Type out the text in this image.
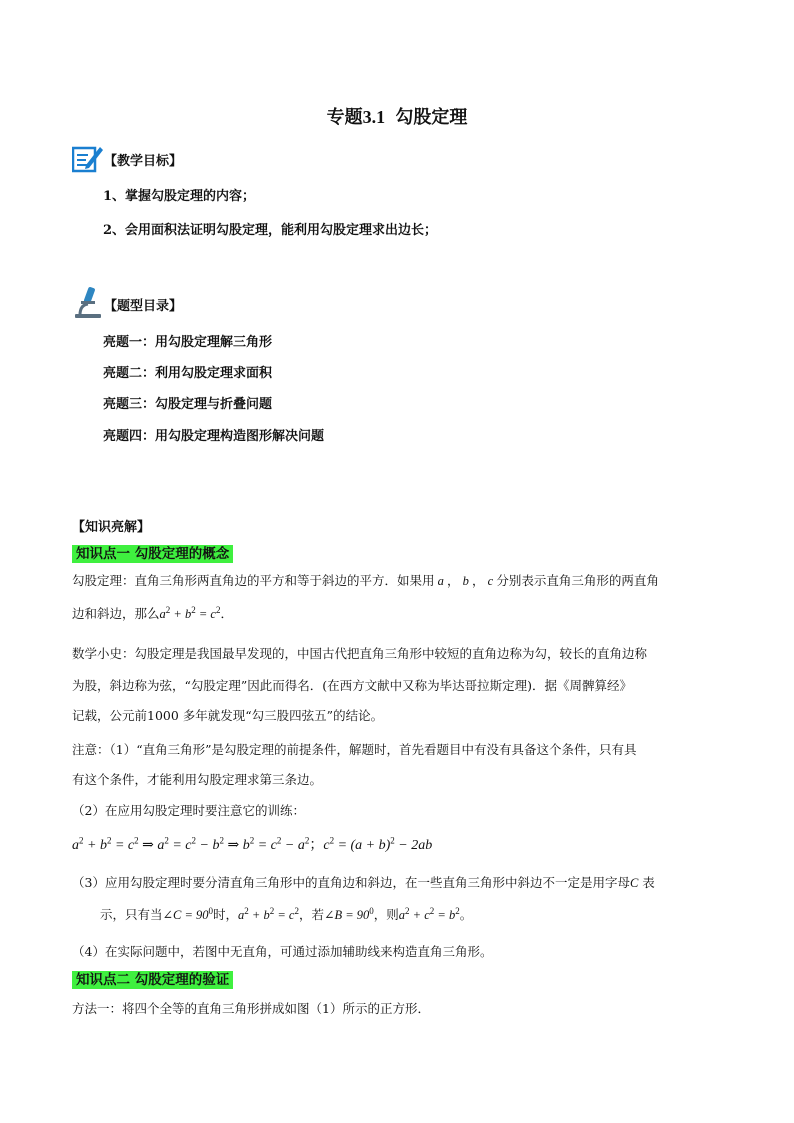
专题3.1 勾股定理
【教学目标】
1、掌握勾股定理的内容；
2、会用面积法证明勾股定理，能利用勾股定理求出边长；
【题型目录】
亮题一：用勾股定理解三角形
亮题二：利用勾股定理求面积
亮题三：勾股定理与折叠问题
亮题四：用勾股定理构造图形解决问题
【知识亮解】
知识点一 勾股定理的概念
勾股定理：直角三角形两直角边的平方和等于斜边的平方．如果用 a ， b ， c 分别表示直角三角形的两直角
边和斜边，那么$a^2 + b^2 = c^2$．
数学小史：勾股定理是我国最早发现的，中国古代把直角三角形中较短的直角边称为勾，较长的直角边称
为股，斜边称为弦，“勾股定理”因此而得名．(在西方文献中又称为毕达哥拉斯定理)．据《周髀算经》
记载，公元前1000 多年就发现“勾三股四弦五”的结论。
注意：（1）“直角三角形”是勾股定理的前提条件，解题时，首先看题目中有没有具备这个条件，只有具
有这个条件，才能利用勾股定理求第三条边。
（2）在应用勾股定理时要注意它的训练：
$a^2 + b^2 = c^2$ ⇒ $a^2 = c^2 - b^2$ ⇒ $b^2 = c^2 - a^2$；$c^2 = (a + b)^2 - 2ab$
（3）应用勾股定理时要分清直角三角形中的直角边和斜边，在一些直角三角形中斜边不一定是用字母C 表
示，只有当∠C = $90^0$时，$a^2 + b^2 = c^2$，若∠B = $90^0$，则$a^2 + c^2 = b^2$。
（4）在实际问题中，若图中无直角，可通过添加辅助线来构造直角三角形。
知识点二 勾股定理的验证
方法一：将四个全等的直角三角形拼成如图（1）所示的正方形．
